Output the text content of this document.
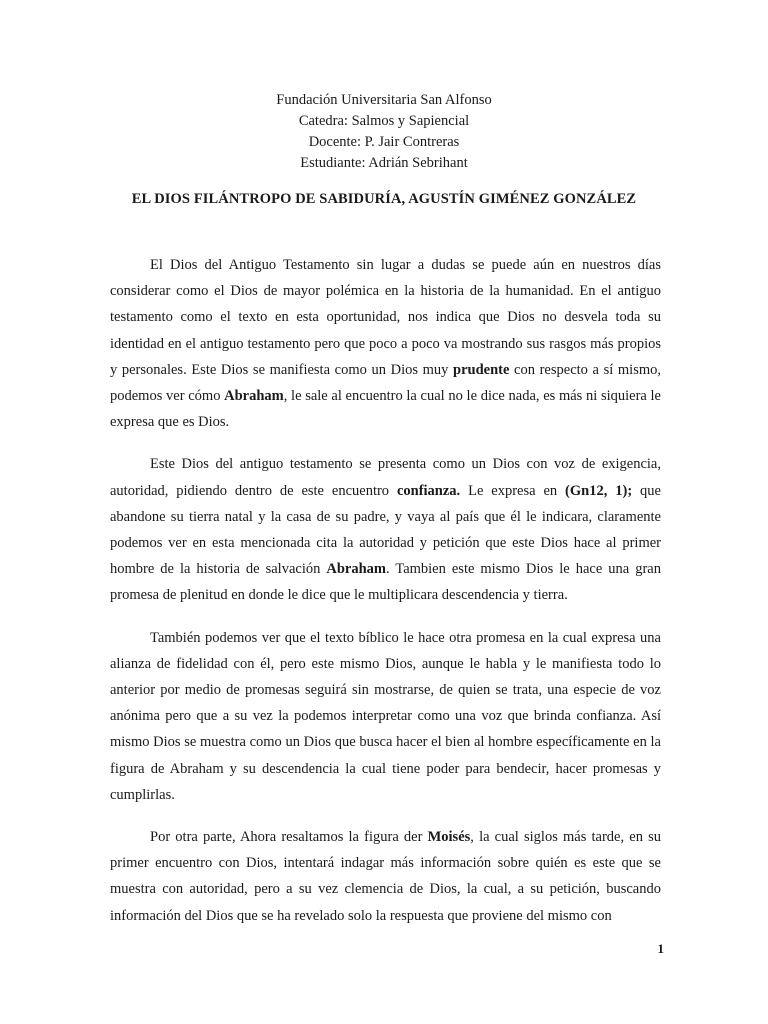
Fundación Universitaria San Alfonso
Catedra: Salmos y Sapiencial
Docente: P. Jair Contreras
Estudiante: Adrián Sebrihant
EL DIOS FILÁNTROPO DE SABIDURÍA, AGUSTÍN GIMÉNEZ GONZÁLEZ

El Dios del Antiguo Testamento sin lugar a dudas se puede aún en nuestros días considerar como el Dios de mayor polémica en la historia de la humanidad. En el antiguo testamento como el texto en esta oportunidad, nos indica que Dios no desvela toda su identidad en el antiguo testamento pero que poco a poco va mostrando sus rasgos más propios y personales. Este Dios se manifiesta como un Dios muy prudente con respecto a sí mismo, podemos ver cómo Abraham, le sale al encuentro la cual no le dice nada, es más ni siquiera le expresa que es Dios.

Este Dios del antiguo testamento se presenta como un Dios con voz de exigencia, autoridad, pidiendo dentro de este encuentro confianza. Le expresa en (Gn12, 1); que abandone su tierra natal y la casa de su padre, y vaya al país que él le indicara, claramente podemos ver en esta mencionada cita la autoridad y petición que este Dios hace al primer hombre de la historia de salvación Abraham. Tambien este mismo Dios le hace una gran promesa de plenitud en donde le dice que le multiplicara descendencia y tierra.

También podemos ver que el texto bíblico le hace otra promesa en la cual expresa una alianza de fidelidad con él, pero este mismo Dios, aunque le habla y le manifiesta todo lo anterior por medio de promesas seguirá sin mostrarse, de quien se trata, una especie de voz anónima pero que a su vez la podemos interpretar como una voz que brinda confianza. Así mismo Dios se muestra como un Dios que busca hacer el bien al hombre específicamente en la figura de Abraham y su descendencia la cual tiene poder para bendecir, hacer promesas y cumplirlas.

Por otra parte, Ahora resaltamos la figura der Moisés, la cual siglos más tarde, en su primer encuentro con Dios, intentará indagar más información sobre quién es este que se muestra con autoridad, pero a su vez clemencia de Dios, la cual, a su petición, buscando información del Dios que se ha revelado solo la respuesta que proviene del mismo con

1
